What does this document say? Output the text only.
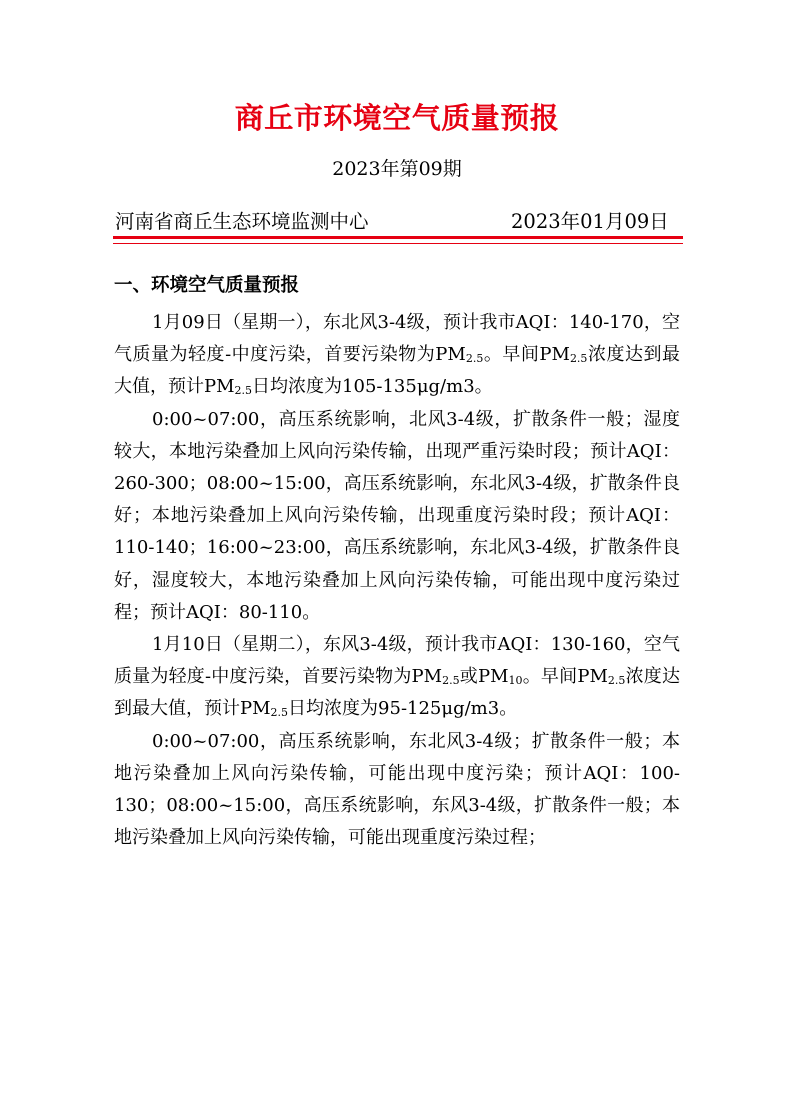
商丘市环境空气质量预报
2023年第09期
河南省商丘生态环境监测中心	2023年01月09日
一、环境空气质量预报

1月09日（星期一），东北风3-4级，预计我市AQI：140-170，空气质量为轻度-中度污染，首要污染物为$PM_{2.5}$。早间$PM_{2.5}$浓度达到最大值，预计$PM_{2.5}$日均浓度为105-135μg/m3。

0:00~07:00，高压系统影响，北风3-4级，扩散条件一般；湿度较大，本地污染叠加上风向污染传输，出现严重污染时段；预计AQI：260-300；08:00~15:00，高压系统影响，东北风3-4级，扩散条件良好；本地污染叠加上风向污染传输，出现重度污染时段；预计AQI：110-140；16:00~23:00，高压系统影响，东北风3-4级，扩散条件良好，湿度较大，本地污染叠加上风向污染传输，可能出现中度污染过程；预计AQI：80-110。

1月10日（星期二），东风3-4级，预计我市AQI：130-160，空气质量为轻度-中度污染，首要污染物为$PM_{2.5}$或$PM_{10}$。早间$PM_{2.5}$浓度达到最大值，预计$PM_{2.5}$日均浓度为95-125μg/m3。

0:00~07:00，高压系统影响，东北风3-4级；扩散条件一般；本地污染叠加上风向污染传输，可能出现中度污染；预计AQI：100-130；08:00~15:00，高压系统影响，东风3-4级，扩散条件一般；本地污染叠加上风向污染传输，可能出现重度污染过程；
